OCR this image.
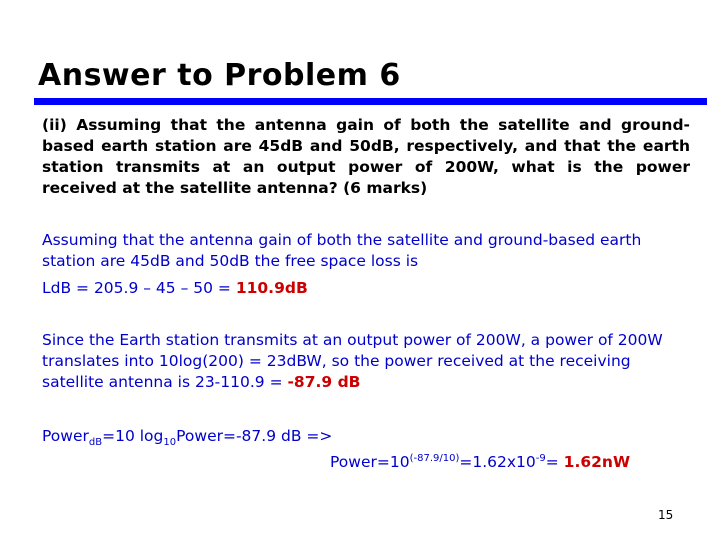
Answer to Problem 6
(ii) Assuming that the antenna gain of both the satellite and ground-based earth station are 45dB and 50dB, respectively, and that the earth station transmits at an output power of 200W, what is the power received at the satellite antenna? (6 marks)
Assuming that the antenna gain of both the satellite and ground-based earth station are 45dB and 50dB the free space loss is
LdB = 205.9 – 45 – 50 = 110.9dB
Since the Earth station transmits at an output power of 200W, a power of 200W translates into 10log(200) = 23dBW, so the power received at the receiving satellite antenna is 23-110.9 = -87.9 dB
Power$_{dB}$=10 $\log_{10}Power=-87.9$ dB =>
$Power=10^{(-87.9/10)}=1.62x10^{-9}= 1.62nW$
15
